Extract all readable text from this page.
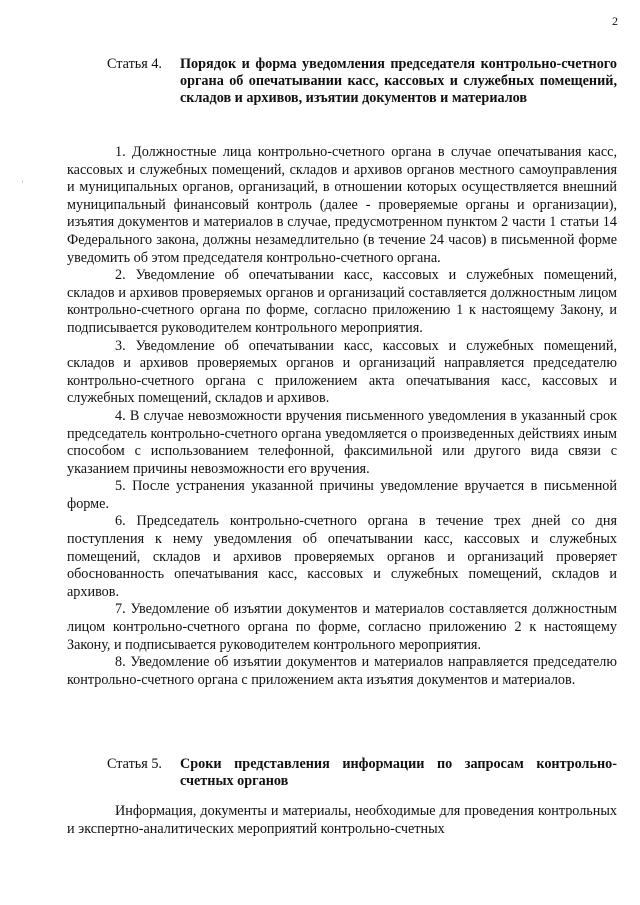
2
Статья 4.	Порядок и форма уведомления председателя контрольно-счетного органа об опечатывании касс, кассовых и служебных помещений, складов и архивов, изъятии документов и материалов

1. Должностные лица контрольно-счетного органа в случае опечатывания касс, кассовых и служебных помещений, складов и архивов органов местного самоуправления и муниципальных органов, организаций, в отношении которых осуществляется внешний муниципальный финансовый контроль (далее - проверяемые органы и организации), изъятия документов и материалов в случае, предусмотренном пунктом 2 части 1 статьи 14 Федерального закона, должны незамедлительно (в течение 24 часов) в письменной форме уведомить об этом председателя контрольно-счетного органа.

2. Уведомление об опечатывании касс, кассовых и служебных помещений, складов и архивов проверяемых органов и организаций составляется должностным лицом контрольно-счетного органа по форме, согласно приложению 1 к настоящему Закону, и подписывается руководителем контрольного мероприятия.

3. Уведомление об опечатывании касс, кассовых и служебных помещений, складов и архивов проверяемых органов и организаций направляется председателю контрольно-счетного органа с приложением акта опечатывания касс, кассовых и служебных помещений, складов и архивов.

4. В случае невозможности вручения письменного уведомления в указанный срок председатель контрольно-счетного органа уведомляется о произведенных действиях иным способом с использованием телефонной, факсимильной или другого вида связи с указанием причины невозможности его вручения.

5. После устранения указанной причины уведомление вручается в письменной форме.

6. Председатель контрольно-счетного органа в течение трех дней со дня поступления к нему уведомления об опечатывании касс, кассовых и служебных помещений, складов и архивов проверяемых органов и организаций проверяет обоснованность опечатывания касс, кассовых и служебных помещений, складов и архивов.

7. Уведомление об изъятии документов и материалов составляется должностным лицом контрольно-счетного органа по форме, согласно приложению 2 к настоящему Закону, и подписывается руководителем контрольного мероприятия.

8. Уведомление об изъятии документов и материалов направляется председателю контрольно-счетного органа с приложением акта изъятия документов и материалов.

Статья 5.	Сроки представления информации по запросам контрольно-счетных органов

Информация, документы и материалы, необходимые для проведения контрольных и экспертно-аналитических мероприятий контрольно-счетных
